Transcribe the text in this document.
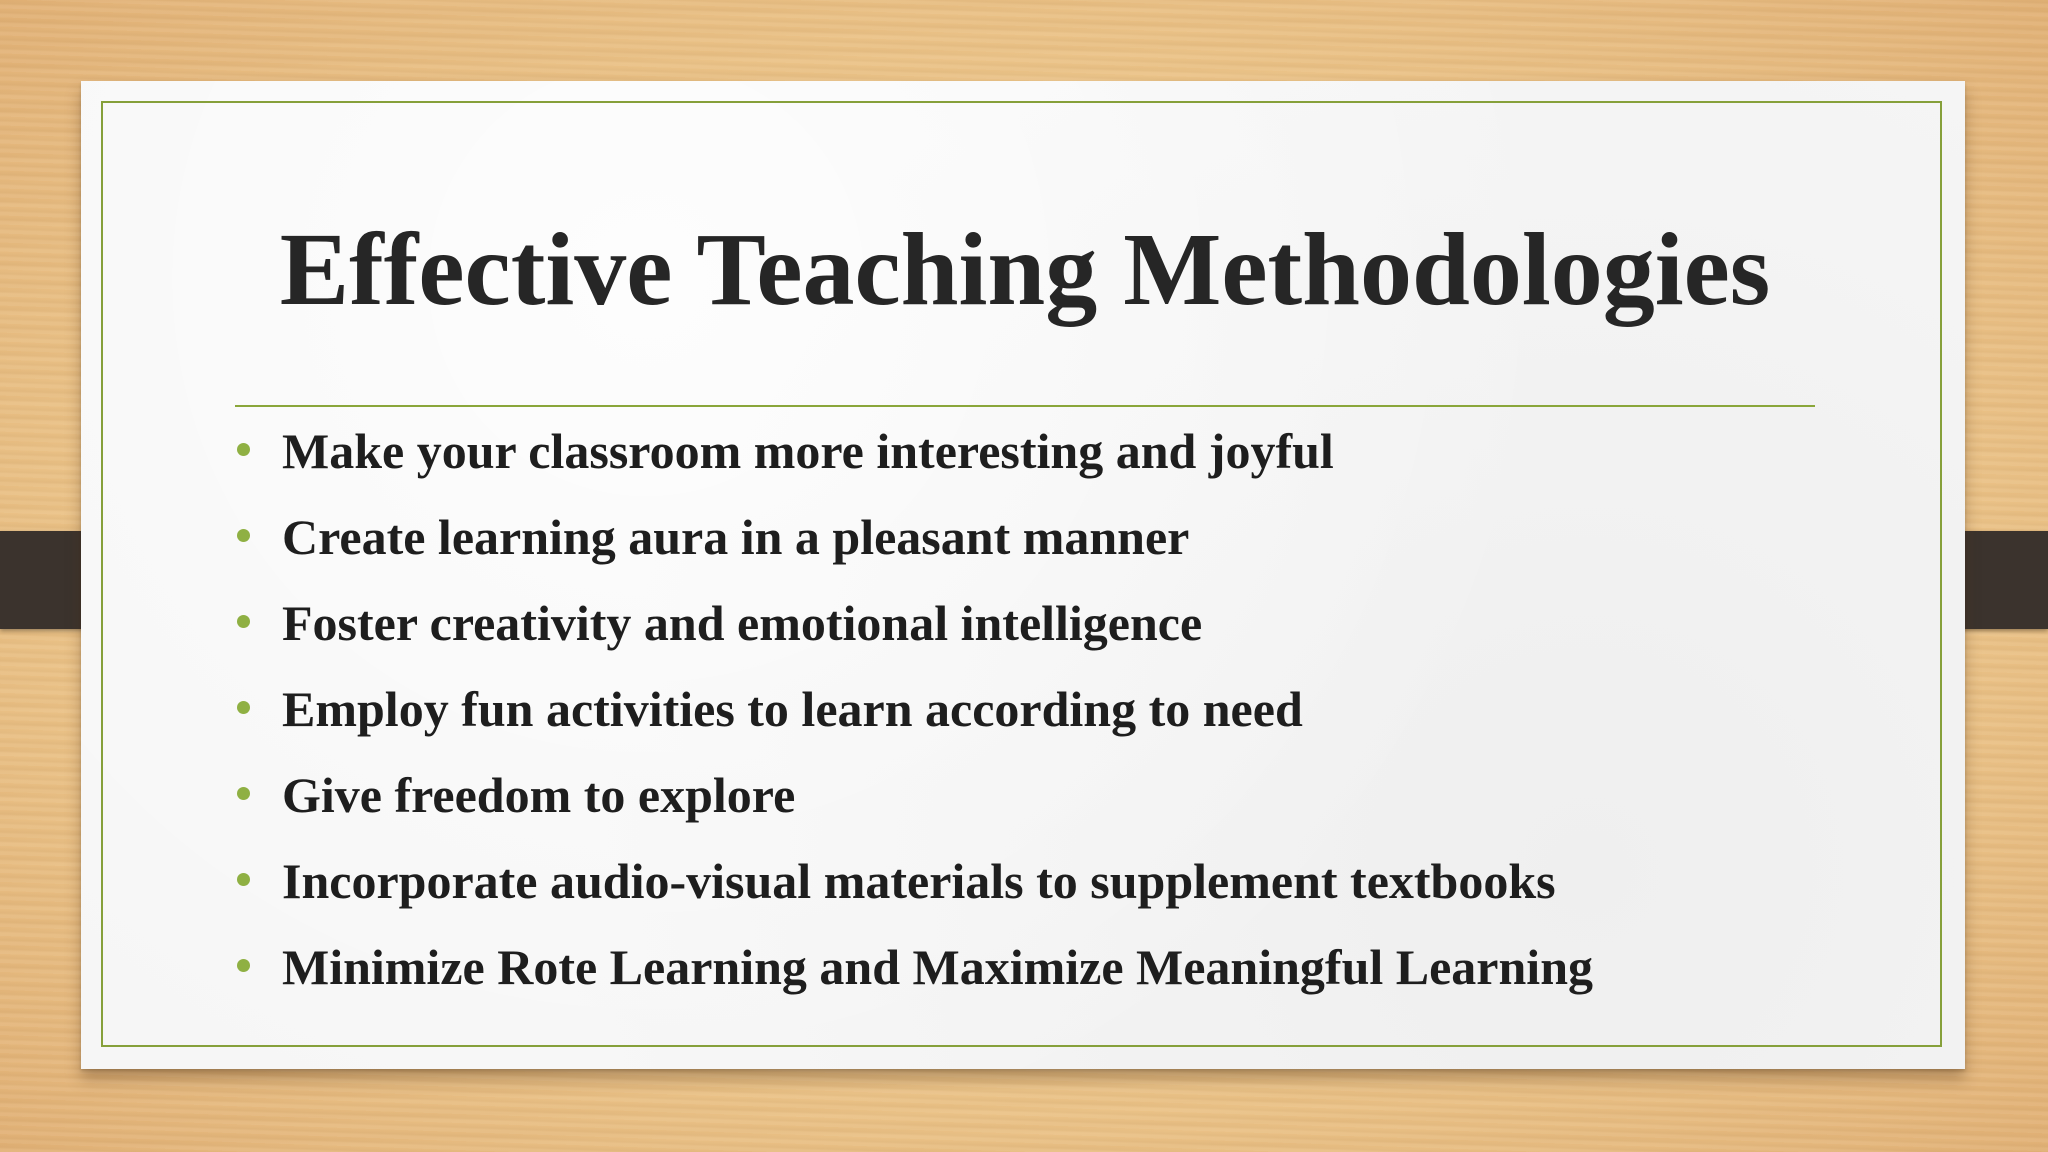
Effective Teaching Methodologies
Make your classroom more interesting and joyful
Create learning aura in a pleasant manner
Foster creativity and emotional intelligence
Employ fun activities to learn according to need
Give freedom to explore
Incorporate audio-visual materials to supplement textbooks
Minimize Rote Learning and Maximize Meaningful Learning
